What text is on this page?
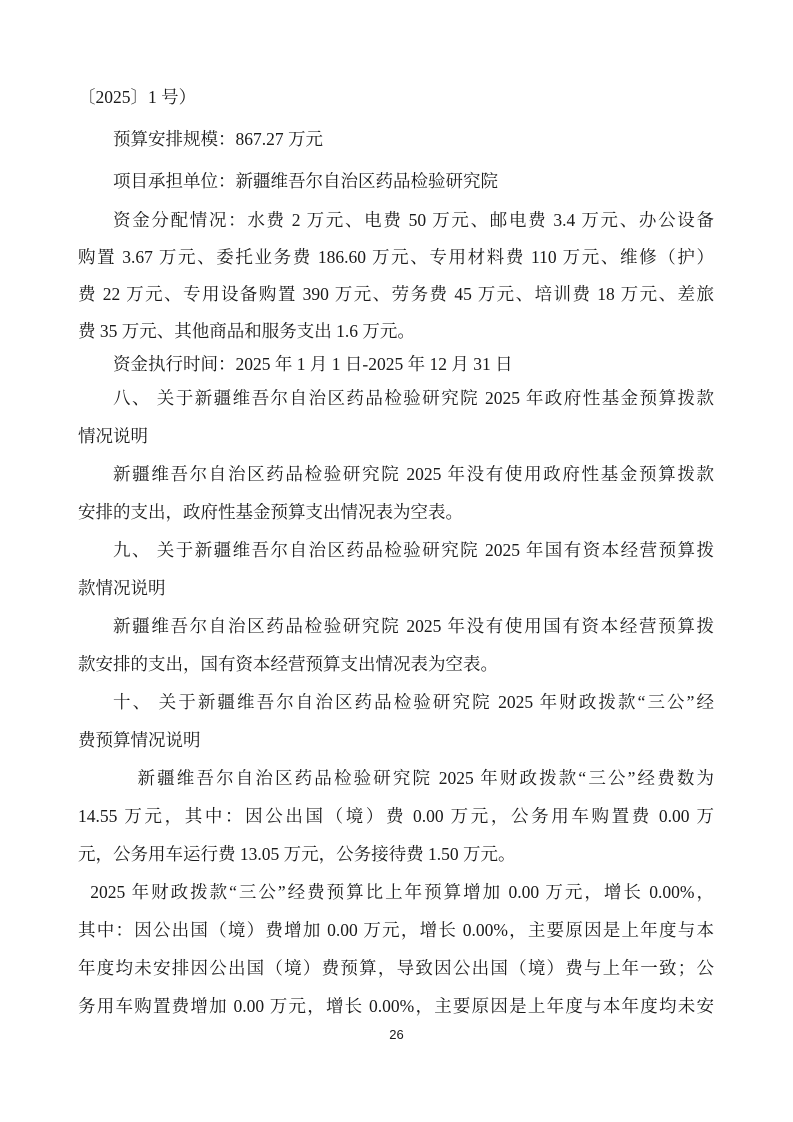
〔2025〕1 号）

预算安排规模：867.27 万元

项目承担单位：新疆维吾尔自治区药品检验研究院

资金分配情况：水费 2 万元、电费 50 万元、邮电费 3.4 万元、办公设备

购置 3.67 万元、委托业务费 186.60 万元、专用材料费 110 万元、维修（护）

费 22 万元、专用设备购置 390 万元、劳务费 45 万元、培训费 18 万元、差旅

费 35 万元、其他商品和服务支出 1.6 万元。

资金执行时间：2025 年 1 月 1 日-2025 年 12 月 31 日

八、 关于新疆维吾尔自治区药品检验研究院 2025 年政府性基金预算拨款

情况说明

新疆维吾尔自治区药品检验研究院 2025 年没有使用政府性基金预算拨款

安排的支出，政府性基金预算支出情况表为空表。

九、 关于新疆维吾尔自治区药品检验研究院 2025 年国有资本经营预算拨

款情况说明

新疆维吾尔自治区药品检验研究院 2025 年没有使用国有资本经营预算拨

款安排的支出，国有资本经营预算支出情况表为空表。

十、 关于新疆维吾尔自治区药品检验研究院 2025 年财政拨款“三公”经

费预算情况说明

新疆维吾尔自治区药品检验研究院 2025 年财政拨款“三公”经费数为

14.55 万元，其中：因公出国（境）费 0.00 万元，公务用车购置费 0.00 万

元，公务用车运行费 13.05 万元，公务接待费 1.50 万元。

2025 年财政拨款“三公”经费预算比上年预算增加 0.00 万元，增长 0.00%，

其中：因公出国（境）费增加 0.00 万元，增长 0.00%，主要原因是上年度与本

年度均未安排因公出国（境）费预算，导致因公出国（境）费与上年一致；公

务用车购置费增加 0.00 万元，增长 0.00%，主要原因是上年度与本年度均未安

26
